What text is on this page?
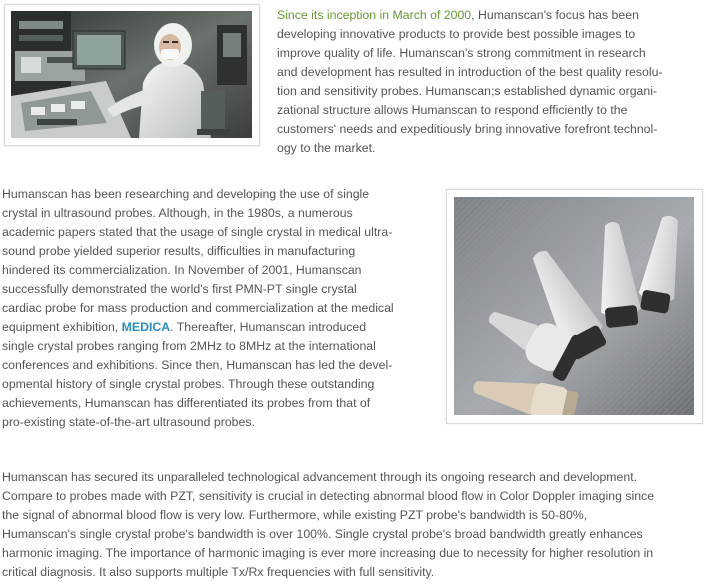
Since its inception in March of 2000, Humanscan's focus has been
developing innovative products to provide best possible images to
improve quality of life. Humanscan's strong commitment in research
and development has resulted in introduction of the best quality resolu-
tion and sensitivity probes. Humanscan;s established dynamic organi-
zational structure allows Humanscan to respond efficiently to the
customers' needs and expeditiously bring innovative forefront technol-
ogy to the market.

Humanscan has been researching and developing the use of single
crystal in ultrasound probes. Although, in the 1980s, a numerous
academic papers stated that the usage of single crystal in medical ultra-
sound probe yielded superior results, difficulties in manufacturing
hindered its commercialization. In November of 2001, Humanscan
successfully demonstrated the world's first PMN-PT single crystal
cardiac probe for mass production and commercialization at the medical
equipment exhibition, MEDICA. Thereafter, Humanscan introduced
single crystal probes ranging from 2MHz to 8MHz at the international
conferences and exhibitions. Since then, Humanscan has led the devel-
opmental history of single crystal probes. Through these outstanding
achievements, Humanscan has differentiated its probes from that of
pro-existing state-of-the-art ultrasound probes.

Humanscan has secured its unparalleled technological advancement through its ongoing research and development.
Compare to probes made with PZT, sensitivity is crucial in detecting abnormal blood flow in Color Doppler imaging since
the signal of abnormal blood flow is very low. Furthermore, while existing PZT probe's bandwidth is 50-80%,
Humanscan's single crystal probe's bandwidth is over 100%. Single crystal probe's broad bandwidth greatly enhances
harmonic imaging. The importance of harmonic imaging is ever more increasing due to necessity for higher resolution in
critical diagnosis. It also supports multiple Tx/Rx frequencies with full sensitivity.
